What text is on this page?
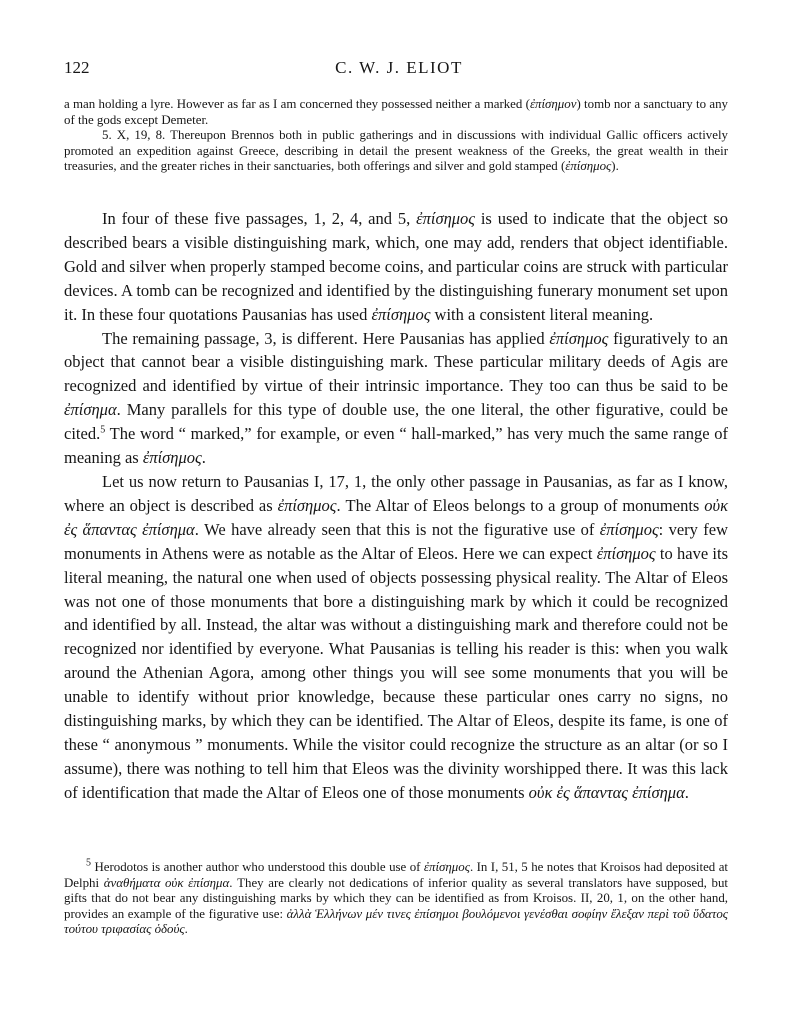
122	C. W. J. ELIOT

a man holding a lyre. However as far as I am concerned they possessed neither a marked (ἐπίσημον) tomb nor a sanctuary to any of the gods except Demeter.

5. X, 19, 8. Thereupon Brennos both in public gatherings and in discussions with individual Gallic officers actively promoted an expedition against Greece, describing in detail the present weakness of the Greeks, the great wealth in their treasuries, and the greater riches in their sanctuaries, both offerings and silver and gold stamped (ἐπίσημος).

In four of these five passages, 1, 2, 4, and 5, ἐπίσημος is used to indicate that the object so described bears a visible distinguishing mark, which, one may add, renders that object identifiable. Gold and silver when properly stamped become coins, and particular coins are struck with particular devices. A tomb can be recognized and identified by the distinguishing funerary monument set upon it. In these four quotations Pausanias has used ἐπίσημος with a consistent literal meaning.

The remaining passage, 3, is different. Here Pausanias has applied ἐπίσημος figuratively to an object that cannot bear a visible distinguishing mark. These particular military deeds of Agis are recognized and identified by virtue of their intrinsic importance. They too can thus be said to be ἐπίσημα. Many parallels for this type of double use, the one literal, the other figurative, could be cited.$^5$ The word “ marked,” for example, or even “ hall-marked,” has very much the same range of meaning as ἐπίσημος.

Let us now return to Pausanias I, 17, 1, the only other passage in Pausanias, as far as I know, where an object is described as ἐπίσημος. The Altar of Eleos belongs to a group of monuments οὐκ ἐς ἅπαντας ἐπίσημα. We have already seen that this is not the figurative use of ἐπίσημος: very few monuments in Athens were as notable as the Altar of Eleos. Here we can expect ἐπίσημος to have its literal meaning, the natural one when used of objects possessing physical reality. The Altar of Eleos was not one of those monuments that bore a distinguishing mark by which it could be recognized and identified by all. Instead, the altar was without a distinguishing mark and therefore could not be recognized nor identified by everyone. What Pausanias is telling his reader is this: when you walk around the Athenian Agora, among other things you will see some monuments that you will be unable to identify without prior knowledge, because these particular ones carry no signs, no distinguishing marks, by which they can be identified. The Altar of Eleos, despite its fame, is one of these “ anonymous ” monuments. While the visitor could recognize the structure as an altar (or so I assume), there was nothing to tell him that Eleos was the divinity worshipped there. It was this lack of identification that made the Altar of Eleos one of those monuments οὐκ ἐς ἅπαντας ἐπίσημα.

$^5$ Herodotos is another author who understood this double use of ἐπίσημος. In I, 51, 5 he notes that Kroisos had deposited at Delphi ἀναθήματα οὐκ ἐπίσημα. They are clearly not dedications of inferior quality as several translators have supposed, but gifts that do not bear any distinguishing marks by which they can be identified as from Kroisos. II, 20, 1, on the other hand, provides an example of the figurative use: ἀλλὰ Ἑλλήνων μέν τινες ἐπίσημοι βουλόμενοι γενέσθαι σοφίην ἔλεξαν περὶ τοῦ ὕδατος τούτου τριφασίας ὁδούς.
